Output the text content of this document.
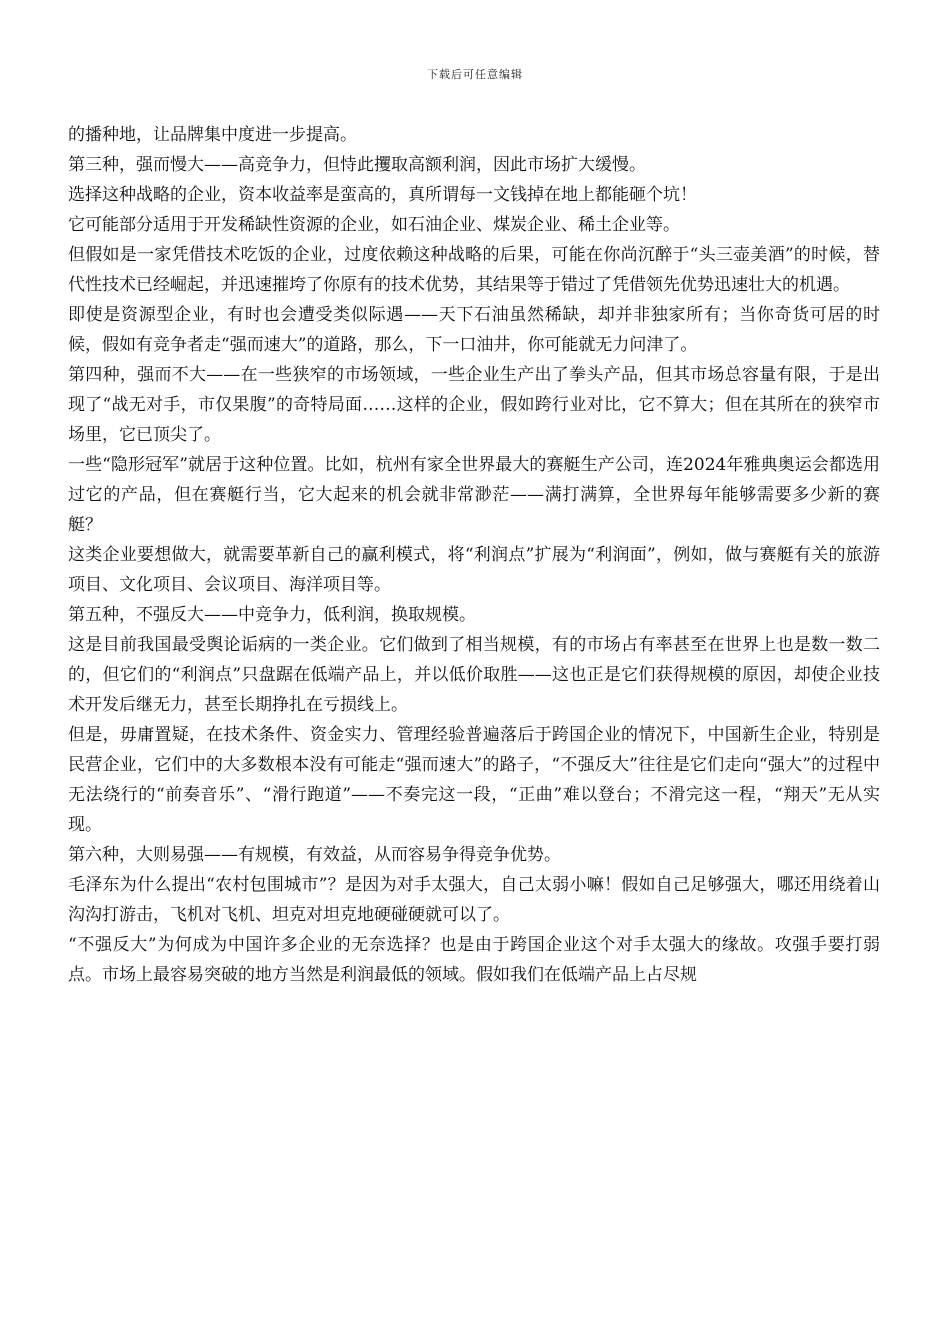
下载后可任意编辑

的播种地，让品牌集中度进一步提高。

第三种，强而慢大——高竞争力，但恃此攫取高额利润，因此市场扩大缓慢。

选择这种战略的企业，资本收益率是蛮高的，真所谓每一文钱掉在地上都能砸个坑！

它可能部分适用于开发稀缺性资源的企业，如石油企业、煤炭企业、稀土企业等。

但假如是一家凭借技术吃饭的企业，过度依赖这种战略的后果，可能在你尚沉醉于“头三壶美酒”的时候，替代性技术已经崛起，并迅速摧垮了你原有的技术优势，其结果等于错过了凭借领先优势迅速壮大的机遇。

即使是资源型企业，有时也会遭受类似际遇——天下石油虽然稀缺，却并非独家所有；当你奇货可居的时候，假如有竞争者走“强而速大”的道路，那么，下一口油井，你可能就无力问津了。

第四种，强而不大——在一些狭窄的市场领域，一些企业生产出了拳头产品，但其市场总容量有限，于是出现了“战无对手，市仅果腹”的奇特局面……这样的企业，假如跨行业对比，它不算大；但在其所在的狭窄市场里，它已顶尖了。

一些“隐形冠军”就居于这种位置。比如，杭州有家全世界最大的赛艇生产公司，连2024年雅典奥运会都选用过它的产品，但在赛艇行当，它大起来的机会就非常渺茫——满打满算，全世界每年能够需要多少新的赛艇？

这类企业要想做大，就需要革新自己的赢利模式，将“利润点”扩展为“利润面”，例如，做与赛艇有关的旅游项目、文化项目、会议项目、海洋项目等。

第五种，不强反大——中竞争力，低利润，换取规模。

这是目前我国最受舆论诟病的一类企业。它们做到了相当规模，有的市场占有率甚至在世界上也是数一数二的，但它们的“利润点”只盘踞在低端产品上，并以低价取胜——这也正是它们获得规模的原因，却使企业技术开发后继无力，甚至长期挣扎在亏损线上。

但是，毋庸置疑，在技术条件、资金实力、管理经验普遍落后于跨国企业的情况下，中国新生企业，特别是民营企业，它们中的大多数根本没有可能走“强而速大”的路子，“不强反大”往往是它们走向“强大”的过程中无法绕行的“前奏音乐”、“滑行跑道”——不奏完这一段，“正曲”难以登台；不滑完这一程，“翔天”无从实现。

第六种，大则易强——有规模，有效益，从而容易争得竞争优势。

毛泽东为什么提出“农村包围城市”？是因为对手太强大，自己太弱小嘛！假如自己足够强大，哪还用绕着山沟沟打游击，飞机对飞机、坦克对坦克地硬碰硬就可以了。

“不强反大”为何成为中国许多企业的无奈选择？也是由于跨国企业这个对手太强大的缘故。攻强手要打弱点。市场上最容易突破的地方当然是利润最低的领域。假如我们在低端产品上占尽规
